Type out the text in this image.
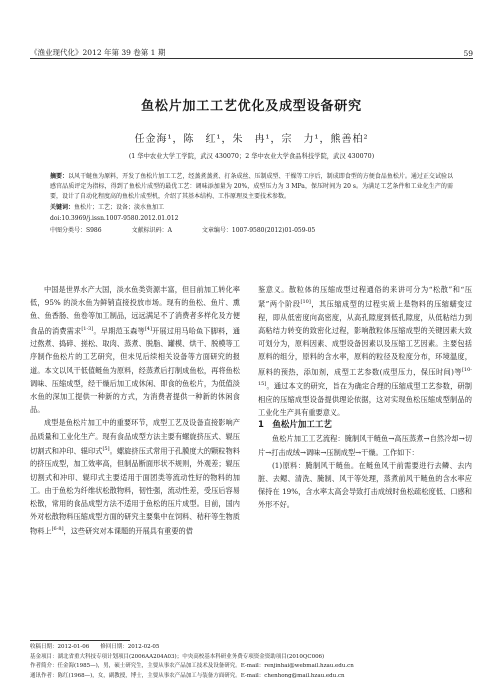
《渔业现代化》2012 年第 39 卷第 1 期	59
鱼松片加工工艺优化及成型设备研究
任金海¹，陈　红¹，朱　冉¹，宗　力¹，熊善柏²
(1 华中农业大学工学院，武汉 430070；2 华中农业大学食品科技学院，武汉 430070)

摘要：以风干鲢鱼为原料，开发了鱼松片加工工艺，经蒸煮蒸煮、打条成丝、压制成型、干燥等工序后，制成即食型的方便食品鱼松片。通过正交试验以感官品质评定为指标，得到了鱼松片成型的最优工艺：调味添加量为 20%，成型压力为 3 MPa，保压时间为 20 s。为满足工艺条件和工业化生产的需要，设计了自动化程度高的鱼松片成型机，介绍了其基本结构、工作原理及主要技术参数。

关键词：鱼松片；工艺；设备；淡水鱼加工
doi:10.3969/j.issn.1007-9580.2012.01.012
中图分类号：S986	文献标识码：A	文章编号：1007-9580(2012)01-059-05

中国是世界水产大国，淡水鱼类资源丰富，但目前加工转化率低，95% 的淡水鱼为鲜销直接投放市场。现有的鱼松、鱼片、熏鱼、鱼香肠、鱼卷等加工制品，远远满足不了消费者多样化及方便食品的消费需求[1-3]。早期范玉森等[4]开展过用马哈鱼下脚料，通过熬煮、捣碎、搓松、取肉、蒸煮、脱脂、罐模、烘干、脱模等工序制作鱼松片的工艺研究，但未见后续相关设备等方面研究的报道。本文以风干低值鲢鱼为原料，经蒸煮后打制成鱼松，再将鱼松调味、压缩成型，经干燥后加工成休闲、即食的鱼松片，为低值淡水鱼的深加工提供一种新的方式，为消费者提供一种新的休闲食品。

成型是鱼松片加工中的重要环节，成型工艺及设备直接影响产品质量和工业化生产。现有食品成型方法主要有螺旋挤压式、辊压切割式和冲印、辊印式[5]。螺旋挤压式常用于孔膜度大的颗粒物料的挤压成型，加工效率高，但制品断面形状不规则，外观差；辊压切割式和冲印、辊印式主要适用于面团类等流动性好的物料的加工。由于鱼松为纤维状松散物料，韧性强，流动性差，受压后容易松散，常用的食品成型方法不适用于鱼松的压片成型。目前，国内外对松散物料压缩成型方面的研究主要集中在饲料、秸秆等生物质物料上[6-8]，这些研究对本课题的开展具有重要的借

鉴意义。散粒体的压缩成型过程通俗的来讲可分为“松散”和“压紧”两个阶段[10]，其压缩成型的过程实质上是物料的压缩蠕变过程，即从低密度向高密度，从高孔隙度到低孔隙度，从低粘结力到高粘结力转变的致密化过程，影响散粒体压缩成型的关键因素大致可划分为，原料因素、成型设备因素以及压缩工艺因素。主要包括原料的组分，原料的含水率，原料的粒径及粒度分布，环境温度，原料的预热，添加剂，成型工艺参数(成型压力，保压时间)等[10-15]。通过本文的研究，旨在为确定合理的压缩成型工艺参数，研制相应的压缩成型设备提供理论依据，这对实现鱼松压缩成型制品的工业化生产具有重要意义。

1　鱼松片加工工艺

鱼松片加工工艺流程：腌制风干鲢鱼→高压蒸煮→自然冷却→切片→打击成绒→调味→压制成型→干燥。工作如下：

(1)原料：腌制风干鲢鱼。在鲢鱼风干前需要进行去鳞、去内脏、去鳃、清洗、腌制、风干等处理，蒸煮前风干鲢鱼的含水率应保持在 19%，含水率太高会导致打击成绒时鱼松疏松度低、口感和外形不好。

收稿日期：2012-01-06　　修回日期：2012-02-05
基金项目：湖北省重大科技专项计划项目(2006AA204A03)；中央高校基本科研业务费专项资金资助项目(2010QC006)
作者简介：任金海(1985—)，男，硕士研究生，主要从事农产品加工技术及设备研究。E-mail：renjinhai@webmail.hzau.edu.cn
通讯作者：陈红(1968—)，女，副教授，博士，主要从事农产品加工与装备方面研究。E-mail：chenhong@mail.hzau.edu.cn
